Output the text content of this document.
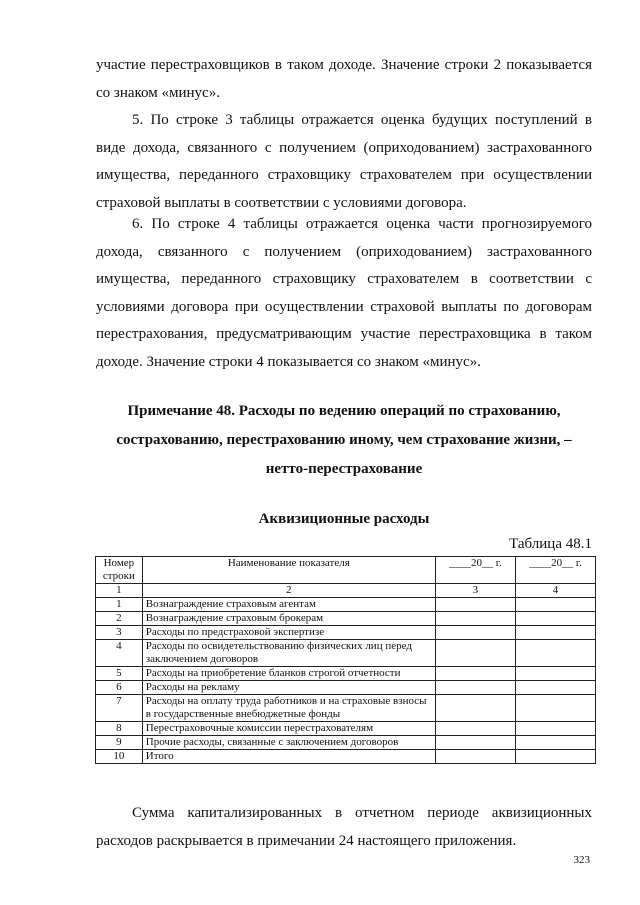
участие перестраховщиков в таком доходе. Значение строки 2 показывается со знаком «минус».

5. По строке 3 таблицы отражается оценка будущих поступлений в виде дохода, связанного с получением (оприходованием) застрахованного имущества, переданного страховщику страхователем при осуществлении страховой выплаты в соответствии с условиями договора.

6. По строке 4 таблицы отражается оценка части прогнозируемого дохода, связанного с получением (оприходованием) застрахованного имущества, переданного страховщику страхователем в соответствии с условиями договора при осуществлении страховой выплаты по договорам перестрахования, предусматривающим участие перестраховщика в таком доходе. Значение строки 4 показывается со знаком «минус».

Примечание 48. Расходы по ведению операций по страхованию,
сострахованию, перестрахованию иному, чем страхование жизни, –
нетто-перестрахование
Аквизиционные расходы
Таблица 48.1
Номер строки	Наименование показателя	____20__ г.	____20__ г.
1	2	3	4
1	Вознаграждение страховым агентам		
2	Вознаграждение страховым брокерам		
3	Расходы по предстраховой экспертизе		
4	Расходы по освидетельствованию физических лиц перед заключением договоров		
5	Расходы на приобретение бланков строгой отчетности		
6	Расходы на рекламу		
7	Расходы на оплату труда работников и на страховые взносы в государственные внебюджетные фонды		
8	Перестраховочные комиссии перестрахователям		
9	Прочие расходы, связанные с заключением договоров		
10	Итого		

Сумма капитализированных в отчетном периоде аквизиционных расходов раскрывается в примечании 24 настоящего приложения.

323
